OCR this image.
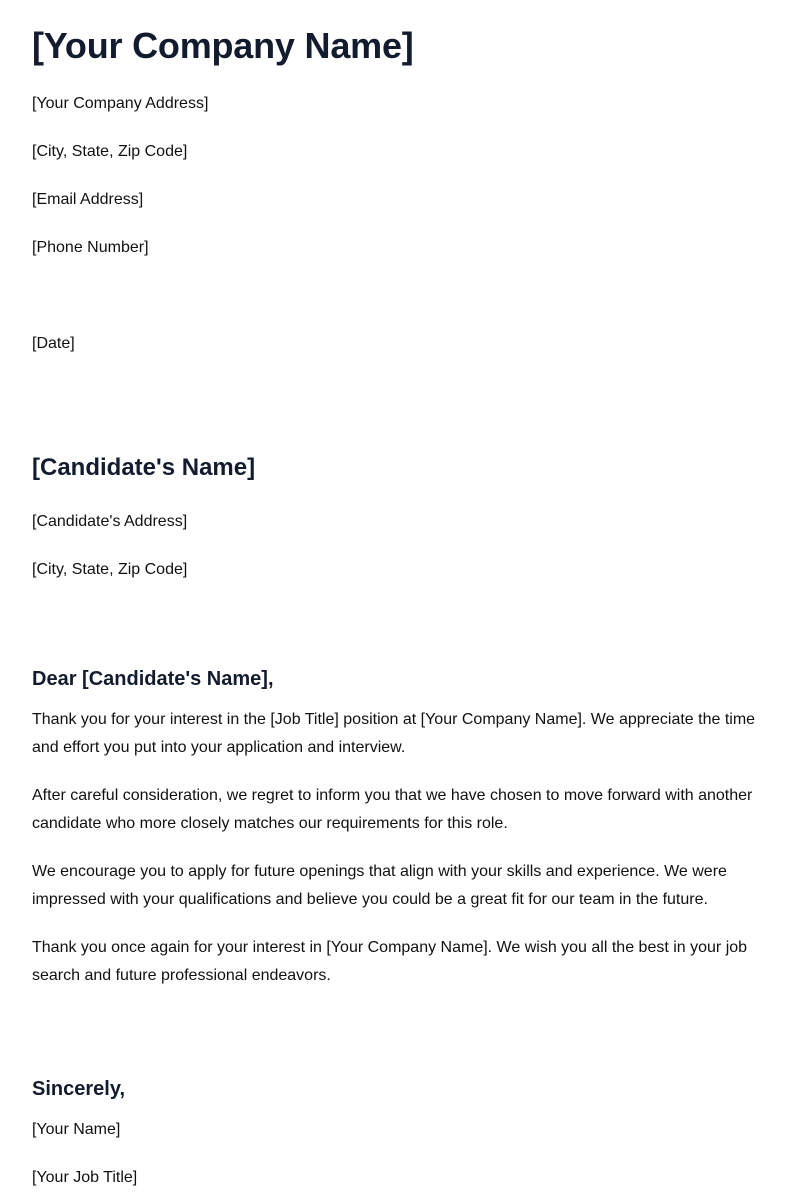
[Your Company Name]

[Your Company Address]

[City, State, Zip Code]

[Email Address]

[Phone Number]

[Date]

[Candidate's Name]

[Candidate's Address]

[City, State, Zip Code]

Dear [Candidate's Name],

Thank you for your interest in the [Job Title] position at [Your Company Name]. We appreciate the time and effort you put into your application and interview.

After careful consideration, we regret to inform you that we have chosen to move forward with another candidate who more closely matches our requirements for this role.

We encourage you to apply for future openings that align with your skills and experience. We were impressed with your qualifications and believe you could be a great fit for our team in the future.

Thank you once again for your interest in [Your Company Name]. We wish you all the best in your job search and future professional endeavors.

Sincerely,

[Your Name]

[Your Job Title]
